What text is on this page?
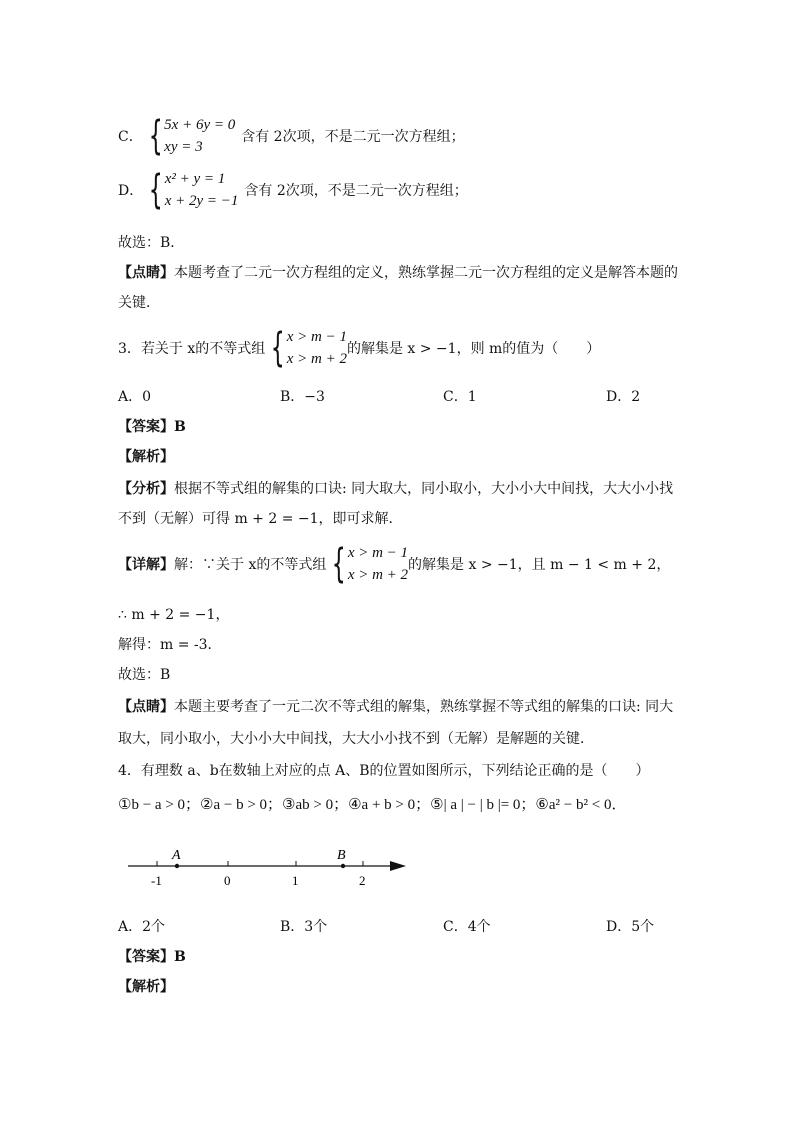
C． { 5x + 6y = 0
xy = 3
含有 2次项，不是二元一次方程组；
D． { x² + y = 1
x + 2y = −1
含有 2次项，不是二元一次方程组；
故选：B．
【点睛】本题考查了二元一次方程组的定义，熟练掌握二元一次方程组的定义是解答本题的
关键．
3．若关于 x的不等式组 { x > m − 1
x > m + 2
的解集是 x > −1，则 m的值为（　　）
A．0	B．−3	C．1	D．2
【答案】B
【解析】
【分析】根据不等式组的解集的口诀: 同大取大，同小取小，大小小大中间找，大大小小找
不到（无解）可得 m + 2 = −1，即可求解．
【详解】 解：∵关于 x的不等式组 { x > m − 1
x > m + 2
的解集是 x > −1，且 m − 1 < m + 2，
∴ m + 2 = −1，
解得：m = -3．
故选：B
【点睛】本题主要考查了一元二次不等式组的解集，熟练掌握不等式组的解集的口诀: 同大
取大，同小取小，大小小大中间找，大大小小找不到（无解）是解题的关键．
4．有理数 a、b在数轴上对应的点 A、B的位置如图所示，下列结论正确的是（　　）
①b − a > 0；②a − b > 0；③ab > 0；④a + b > 0；⑤| a | − | b |= 0；⑥a² − b² < 0．
A	B
-1	0	1	2
A．2个	B．3个	C．4个	D．5个
【答案】B
【解析】
